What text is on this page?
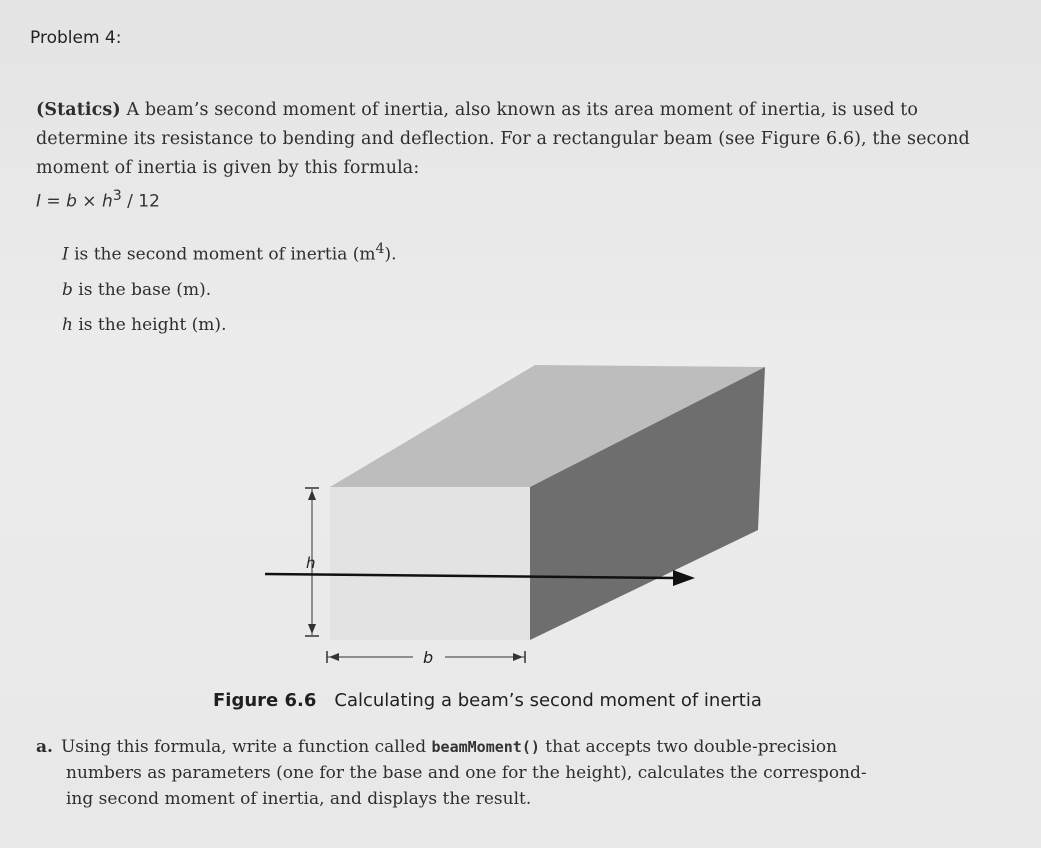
Problem 4:
(Statics) A beam’s second moment of inertia, also known as its area moment of inertia, is used to determine its resistance to bending and deflection. For a rectangular beam (see Figure 6.6), the second moment of inertia is given by this formula:
$I = b \times h^3 / 12$
I is the second moment of inertia $(m^4)$.
b is the base (m).
h is the height (m).
h
b
Figure 6.6 Calculating a beam’s second moment of inertia
a. Using this formula, write a function called beamMoment() that accepts two double-precision
numbers as parameters (one for the base and one for the height), calculates the correspond-
ing second moment of inertia, and displays the result.
